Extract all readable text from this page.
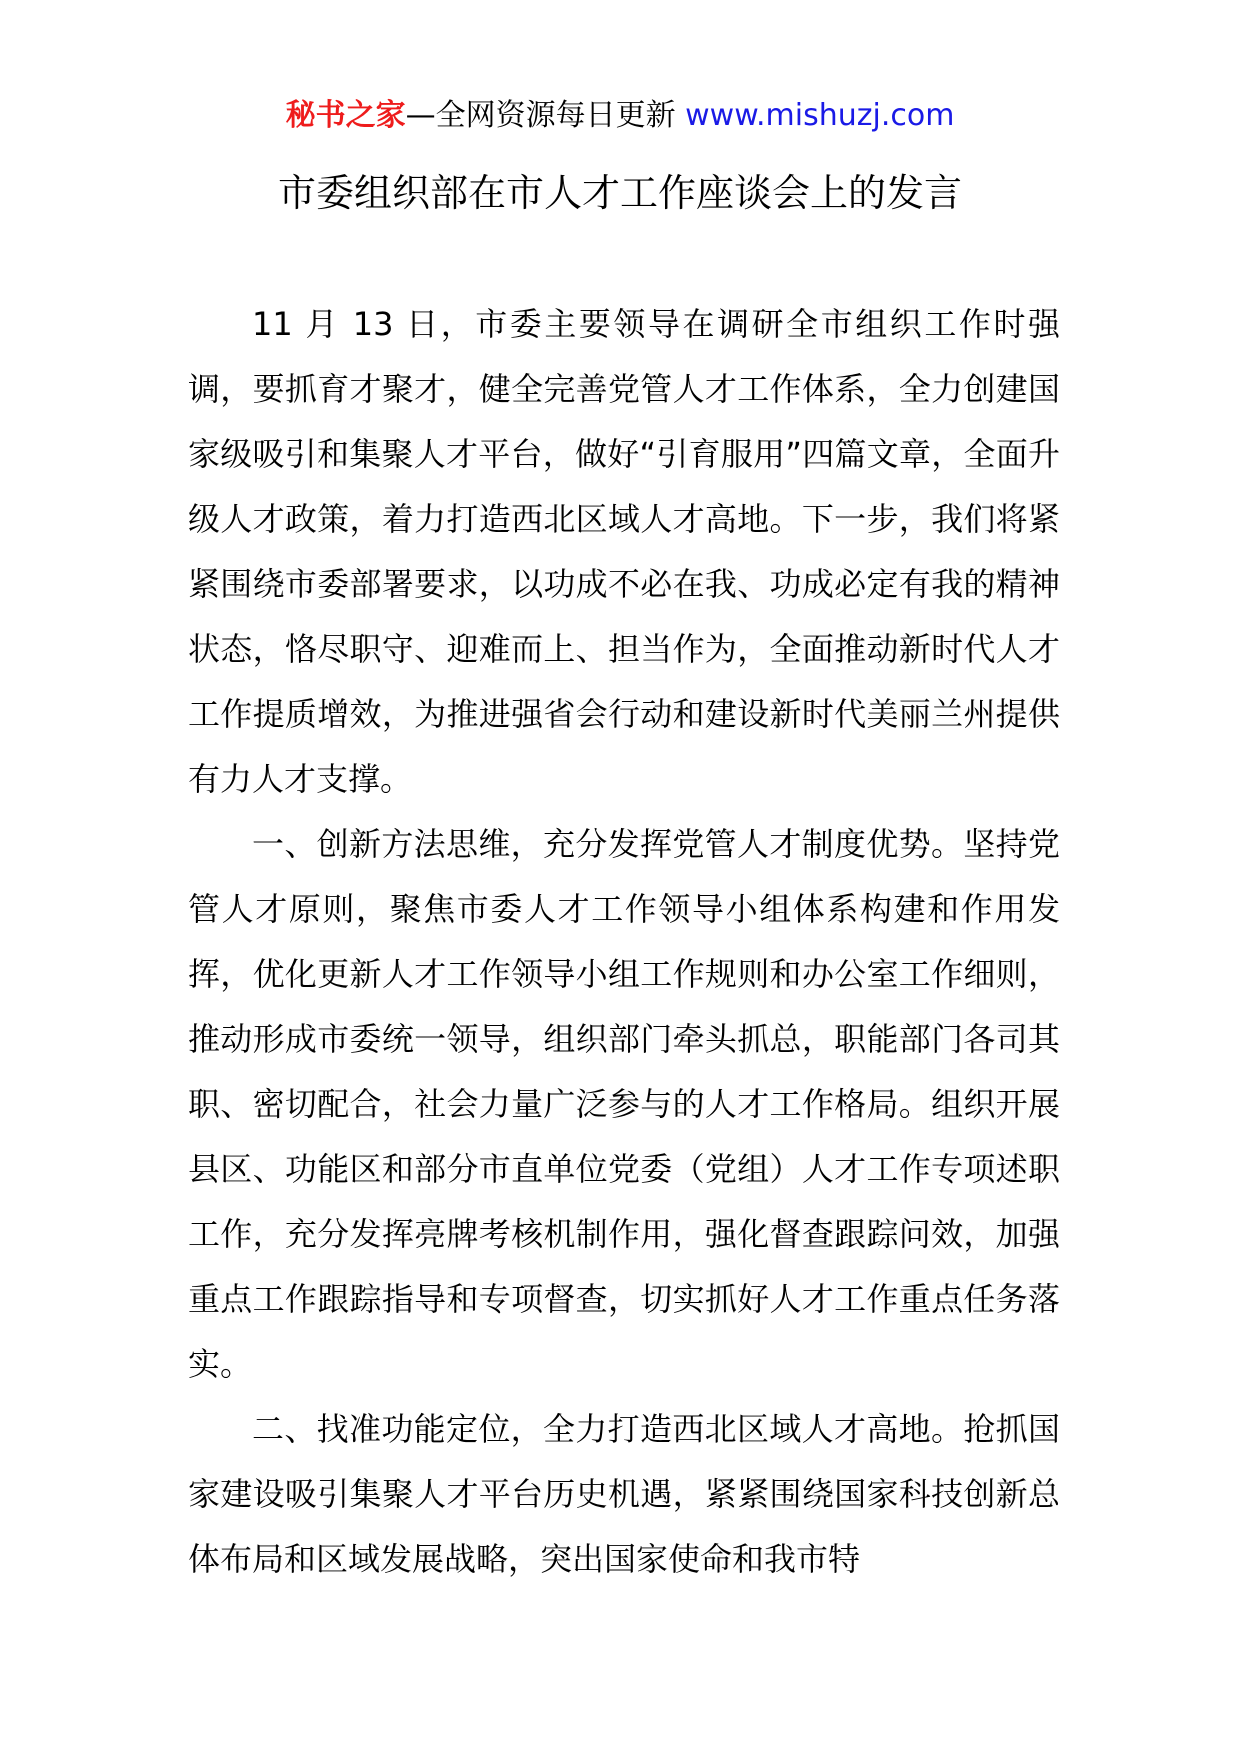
秘书之家—全网资源每日更新 www.mishuzj.com
市委组织部在市人才工作座谈会上的发言

11 月 13 日，市委主要领导在调研全市组织工作时强调，要抓育才聚才，健全完善党管人才工作体系，全力创建国家级吸引和集聚人才平台，做好“引育服用”四篇文章，全面升级人才政策，着力打造西北区域人才高地。下一步，我们将紧紧围绕市委部署要求，以功成不必在我、功成必定有我的精神状态，恪尽职守、迎难而上、担当作为，全面推动新时代人才工作提质增效，为推进强省会行动和建设新时代美丽兰州提供有力人才支撑。

一、创新方法思维，充分发挥党管人才制度优势。坚持党管人才原则，聚焦市委人才工作领导小组体系构建和作用发挥，优化更新人才工作领导小组工作规则和办公室工作细则，推动形成市委统一领导，组织部门牵头抓总，职能部门各司其职、密切配合，社会力量广泛参与的人才工作格局。组织开展县区、功能区和部分市直单位党委（党组）人才工作专项述职工作，充分发挥亮牌考核机制作用，强化督查跟踪问效，加强重点工作跟踪指导和专项督查，切实抓好人才工作重点任务落实。

二、找准功能定位，全力打造西北区域人才高地。抢抓国家建设吸引集聚人才平台历史机遇，紧紧围绕国家科技创新总体布局和区域发展战略，突出国家使命和我市特
